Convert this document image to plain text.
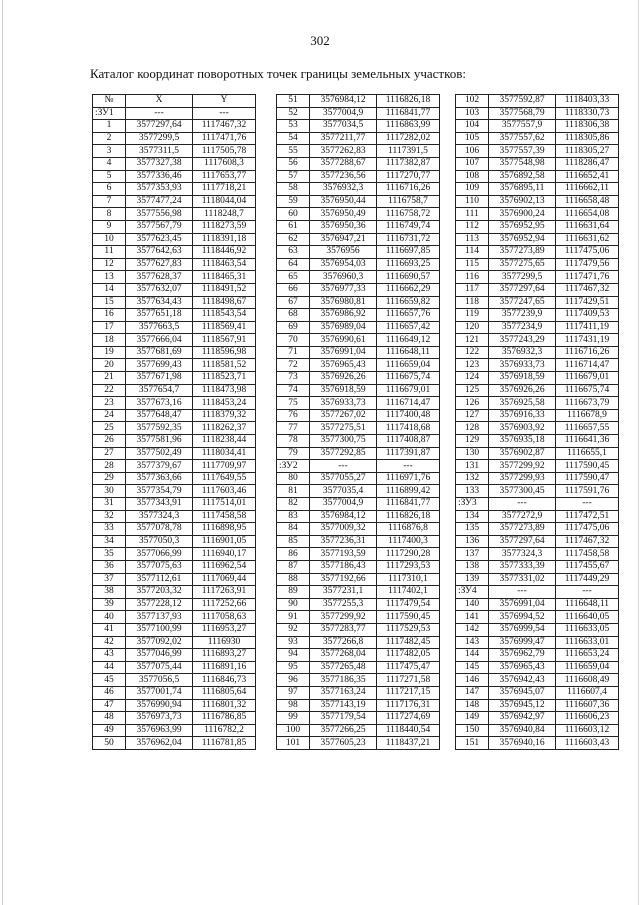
302
Каталог координат поворотных точек границы земельных участков:
№	X	Y
:ЗУ1	---	---
1	3577297,64	1117467,32
2	3577299,5	1117471,76
3	3577311,5	1117505,78
4	3577327,38	1117608,3
5	3577336,46	1117653,77
6	3577353,93	1117718,21
7	3577477,24	1118044,04
8	3577556,98	1118248,7
9	3577567,79	1118273,59
10	3577623,45	1118391,18
11	3577642,63	1118446,92
12	3577627,83	1118463,54
13	3577628,37	1118465,31
14	3577632,07	1118491,52
15	3577634,43	1118498,67
16	3577651,18	1118543,54
17	3577663,5	1118569,41
18	3577666,04	1118567,91
19	3577681,69	1118596,98
20	3577699,43	1118581,52
21	3577671,98	1118523,71
22	3577654,7	1118473,98
23	3577673,16	1118453,24
24	3577648,47	1118379,32
25	3577592,35	1118262,37
26	3577581,96	1118238,44
27	3577502,49	1118034,41
28	3577379,67	1117709,97
29	3577363,66	1117649,55
30	3577354,79	1117603,46
31	3577343,91	1117514,01
32	3577324,3	1117458,58
33	3577078,78	1116898,95
34	3577050,3	1116901,05
35	3577066,99	1116940,17
36	3577075,63	1116962,54
37	3577112,61	1117069,44
38	3577203,32	1117263,91
39	3577228,12	1117252,66
40	3577137,93	1117058,63
41	3577100,99	1116953,27
42	3577092,02	1116930
43	3577046,99	1116893,27
44	3577075,44	1116891,16
45	3577056,5	1116846,73
46	3577001,74	1116805,64
47	3576990,94	1116801,32
48	3576973,73	1116786,85
49	3576963,99	1116782,2
50	3576962,04	1116781,85
51	3576984,12	1116826,18
52	3577004,9	1116841,77
53	3577034,5	1116863,99
54	3577211,77	1117282,02
55	3577262,83	1117391,5
56	3577288,67	1117382,87
57	3577236,56	1117270,77
58	3576932,3	1116716,26
59	3576950,44	1116758,7
60	3576950,49	1116758,72
61	3576950,36	1116749,74
62	3576947,21	1116731,72
63	3576956	1116697,85
64	3576954,03	1116693,25
65	3576960,3	1116690,57
66	3576977,33	1116662,29
67	3576980,81	1116659,82
68	3576986,92	1116657,76
69	3576989,04	1116657,42
70	3576990,61	1116649,12
71	3576991,04	1116648,11
72	3576965,43	1116659,04
73	3576926,26	1116675,74
74	3576918,59	1116679,01
75	3576933,73	1116714,47
76	3577267,02	1117400,48
77	3577275,51	1117418,68
78	3577300,75	1117408,87
79	3577292,85	1117391,87
:ЗУ2	---	---
80	3577055,27	1116971,76
81	3577035,4	1116899,42
82	3577004,9	1116841,77
83	3576984,12	1116826,18
84	3577009,32	1116876,8
85	3577236,31	1117400,3
86	3577193,59	1117290,28
87	3577186,43	1117293,53
88	3577192,66	1117310,1
89	3577231,1	1117402,1
90	3577255,3	1117479,54
91	3577299,92	1117590,45
92	3577283,77	1117529,53
93	3577266,8	1117482,45
94	3577268,04	1117482,05
95	3577265,48	1117475,47
96	3577186,35	1117271,58
97	3577163,24	1117217,15
98	3577143,19	1117176,31
99	3577179,54	1117274,69
100	3577266,25	1118440,54
101	3577605,23	1118437,21
102	3577592,87	1118403,33
103	3577568,79	1118330,73
104	3577557,9	1118306,38
105	3577557,62	1118305,86
106	3577557,39	1118305,27
107	3577548,98	1118286,47
108	3576892,58	1116652,41
109	3576895,11	1116662,11
110	3576902,13	1116658,48
111	3576900,24	1116654,08
112	3576952,95	1116631,64
113	3576952,94	1116631,62
114	3577273,89	1117475,06
115	3577275,65	1117479,56
116	3577299,5	1117471,76
117	3577297,64	1117467,32
118	3577247,65	1117429,51
119	3577239,9	1117409,53
120	3577234,9	1117411,19
121	3577243,29	1117431,19
122	3576932,3	1116716,26
123	3576933,73	1116714,47
124	3576918,59	1116679,01
125	3576926,26	1116675,74
126	3576925,58	1116673,79
127	3576916,33	1116678,9
128	3576903,92	1116657,55
129	3576935,18	1116641,36
130	3576902,87	1116655,1
131	3577299,92	1117590,45
132	3577299,93	1117590,47
133	3577300,45	1117591,76
:ЗУ3	---	---
134	3577272,9	1117472,51
135	3577273,89	1117475,06
136	3577297,64	1117467,32
137	3577324,3	1117458,58
138	3577333,39	1117455,67
139	3577331,02	1117449,29
:ЗУ4	---	---
140	3576991,04	1116648,11
141	3576994,52	1116640,05
142	3576999,54	1116633,05
143	3576999,47	1116633,01
144	3576962,79	1116653,24
145	3576965,43	1116659,04
146	3576942,43	1116608,49
147	3576945,07	1116607,4
148	3576945,12	1116607,36
149	3576942,97	1116606,23
150	3576940,84	1116603,12
151	3576940,16	1116603,43
